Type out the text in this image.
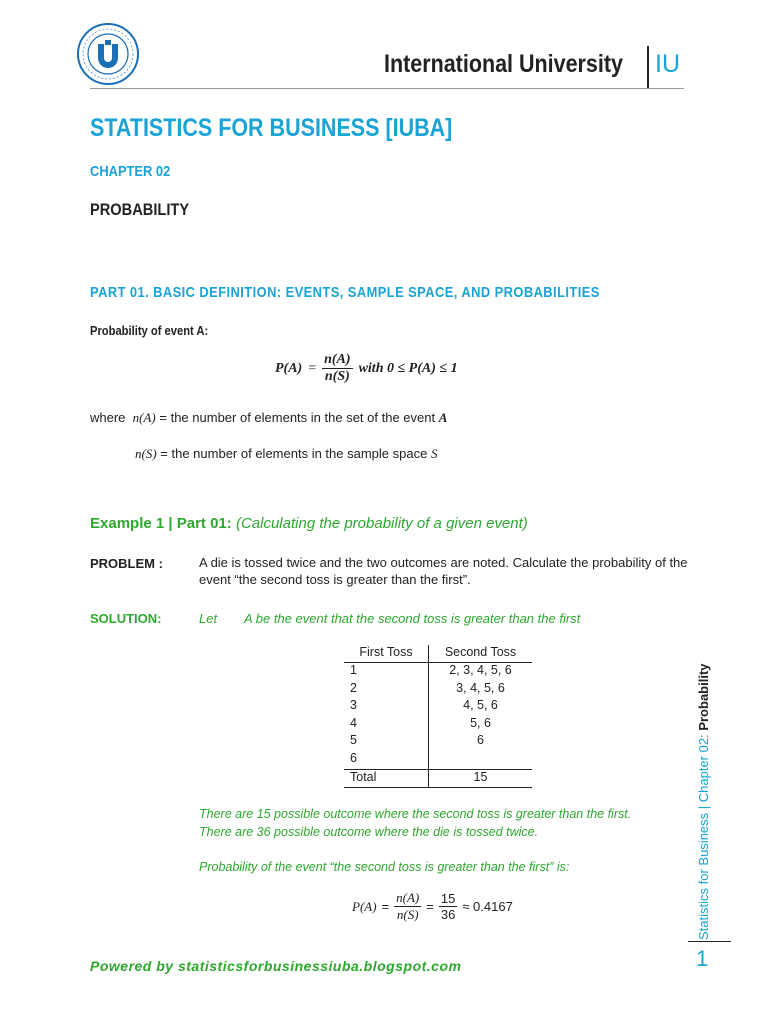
International University IU
STATISTICS FOR BUSINESS [IUBA]
CHAPTER 02
PROBABILITY
PART 01. BASIC DEFINITION: EVENTS, SAMPLE SPACE, AND PROBABILITIES
Probability of event A:
$P(A) = \frac{n(A)}{n(S)}$ with 0 ≤ P(A) ≤ 1
where n(A) = the number of elements in the set of the event A
n(S) = the number of elements in the sample space S
Example 1 | Part 01: (Calculating the probability of a given event)
PROBLEM :	A die is tossed twice and the two outcomes are noted. Calculate the probability of the event “the second toss is greater than the first”.
SOLUTION:	Let A be the event that the second toss is greater than the first
First Toss	Second Toss
1	2, 3, 4, 5, 6
2	3, 4, 5, 6
3	4, 5, 6
4	5, 6
5	6
6
Total	15
There are 15 possible outcome where the second toss is greater than the first.
There are 36 possible outcome where the die is tossed twice.
Probability of the event “the second toss is greater than the first” is:
$P(A) = \frac{n(A)}{n(S)} = \frac{15}{36} \approx 0.4167$
Powered by statisticsforbusinessiuba.blogspot.com
Statistics for Business | Chapter 02: Probability
1
